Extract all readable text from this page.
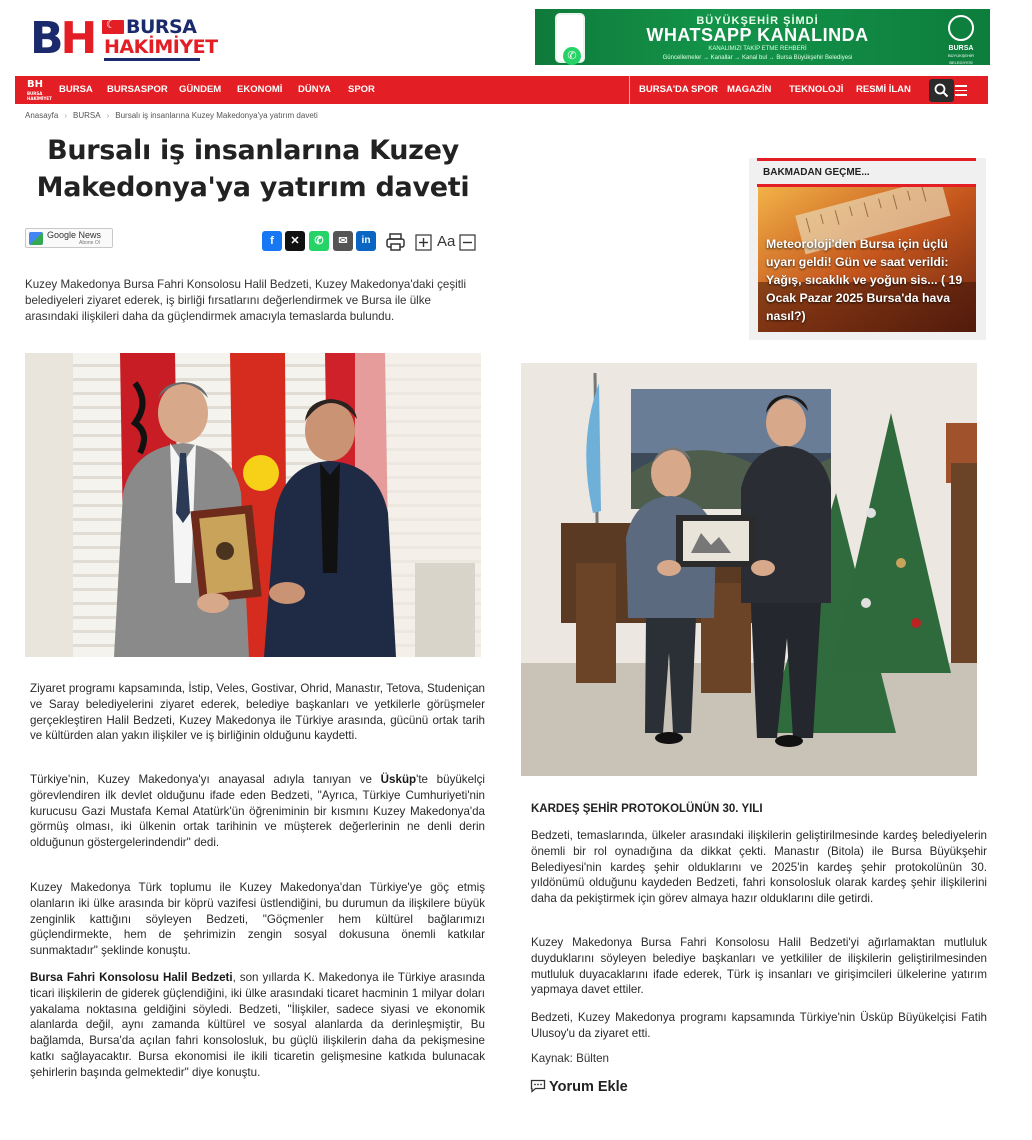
BH
☾ BURSA
HAKİMİYET	✆
BÜYÜKŞEHİR ŞİMDİ
WHATSAPP KANALINDA
KANALIMIZI TAKİP ETME REHBERİ
Güncellemeler → Kanallar → Kanal bul → Bursa Büyükşehir Belediyesi
BURSA
BÜYÜKŞEHİR BELEDİYESİ
BH
BURSA HAKİMİYET
BURSA BURSASPOR GÜNDEM EKONOMİ DÜNYA SPOR	BURSA'DA SPOR MAGAZİN TEKNOLOJİ RESMİ İLAN
Anasayfa › BURSA › Bursalı iş insanlarına Kuzey Makedonya'ya yatırım daveti
Bursalı iş insanlarına Kuzey Makedonya'ya yatırım daveti
Google News
Abone Ol	f	✕	✆	✉	in	Aa

Kuzey Makedonya Bursa Fahri Konsolosu Halil Bedzeti, Kuzey Makedonya'daki çeşitli belediyeleri ziyaret ederek, iş birliği fırsatlarını değerlendirmek ve Bursa ile ülke arasındaki ilişkileri daha da güçlendirmek amacıyla temaslarda bulundu.

BAKMADAN GEÇME...
Meteoroloji'den Bursa için üçlü uyarı geldi! Gün ve saat verildi: Yağış, sıcaklık ve yoğun sis... ( 19 Ocak Pazar 2025 Bursa'da hava nasıl?)

Ziyaret programı kapsamında, İstip, Veles, Gostivar, Ohrid, Manastır, Tetova, Studeniçan ve Saray belediyelerini ziyaret ederek, belediye başkanları ve yetkilerle görüşmeler gerçekleştiren Halil Bedzeti, Kuzey Makedonya ile Türkiye arasında, gücünü ortak tarih ve kültürden alan yakın ilişkiler ve iş birliğinin olduğunu kaydetti.

Türkiye'nin, Kuzey Makedonya'yı anayasal adıyla tanıyan ve Üsküp'te büyükelçi görevlendiren ilk devlet olduğunu ifade eden Bedzeti, "Ayrıca, Türkiye Cumhuriyeti'nin kurucusu Gazi Mustafa Kemal Atatürk'ün öğreniminin bir kısmını Kuzey Makedonya'da görmüş olması, iki ülkenin ortak tarihinin ve müşterek değerlerinin ne denli derin olduğunun göstergelerindendir" dedi.

Kuzey Makedonya Türk toplumu ile Kuzey Makedonya'dan Türkiye'ye göç etmiş olanların iki ülke arasında bir köprü vazifesi üstlendiğini, bu durumun da ilişkilere büyük zenginlik kattığını söyleyen Bedzeti, "Göçmenler hem kültürel bağlarımızı güçlendirmekte, hem de şehrimizin zengin sosyal dokusuna önemli katkılar sunmaktadır" şeklinde konuştu.

Bursa Fahri Konsolosu Halil Bedzeti, son yıllarda K. Makedonya ile Türkiye arasında ticari ilişkilerin de giderek güçlendiğini, iki ülke arasındaki ticaret hacminin 1 milyar doları yakalama noktasına geldiğini söyledi. Bedzeti, "İlişkiler, sadece siyasi ve ekonomik alanlarda değil, aynı zamanda kültürel ve sosyal alanlarda da derinleşmiştir, Bu bağlamda, Bursa'da açılan fahri konsolosluk, bu güçlü ilişkilerin daha da pekişmesine katkı sağlayacaktır. Bursa ekonomisi ile ikili ticaretin gelişmesine katkıda bulunacak şehirlerin başında gelmektedir" diye konuştu.

KARDEŞ ŞEHİR PROTOKOLÜNÜN 30. YILI

Bedzeti, temaslarında, ülkeler arasındaki ilişkilerin geliştirilmesinde kardeş belediyelerin önemli bir rol oynadığına da dikkat çekti. Manastır (Bitola) ile Bursa Büyükşehir Belediyesi'nin kardeş şehir olduklarını ve 2025'in kardeş şehir protokolünün 30. yıldönümü olduğunu kaydeden Bedzeti, fahri konsolosluk olarak kardeş şehir ilişkilerini daha da pekiştirmek için görev almaya hazır olduklarını dile getirdi.

Kuzey Makedonya Bursa Fahri Konsolosu Halil Bedzeti'yi ağırlamaktan mutluluk duyduklarını söyleyen belediye başkanları ve yetkililer de ilişkilerin geliştirilmesinden mutluluk duyacaklarını ifade ederek, Türk iş insanları ve girişimcileri ülkelerine yatırım yapmaya davet ettiler.

Bedzeti, Kuzey Makedonya programı kapsamında Türkiye'nin Üsküp Büyükelçisi Fatih Ulusoy'u da ziyaret etti.

Kaynak: Bülten
Yorum Ekle
